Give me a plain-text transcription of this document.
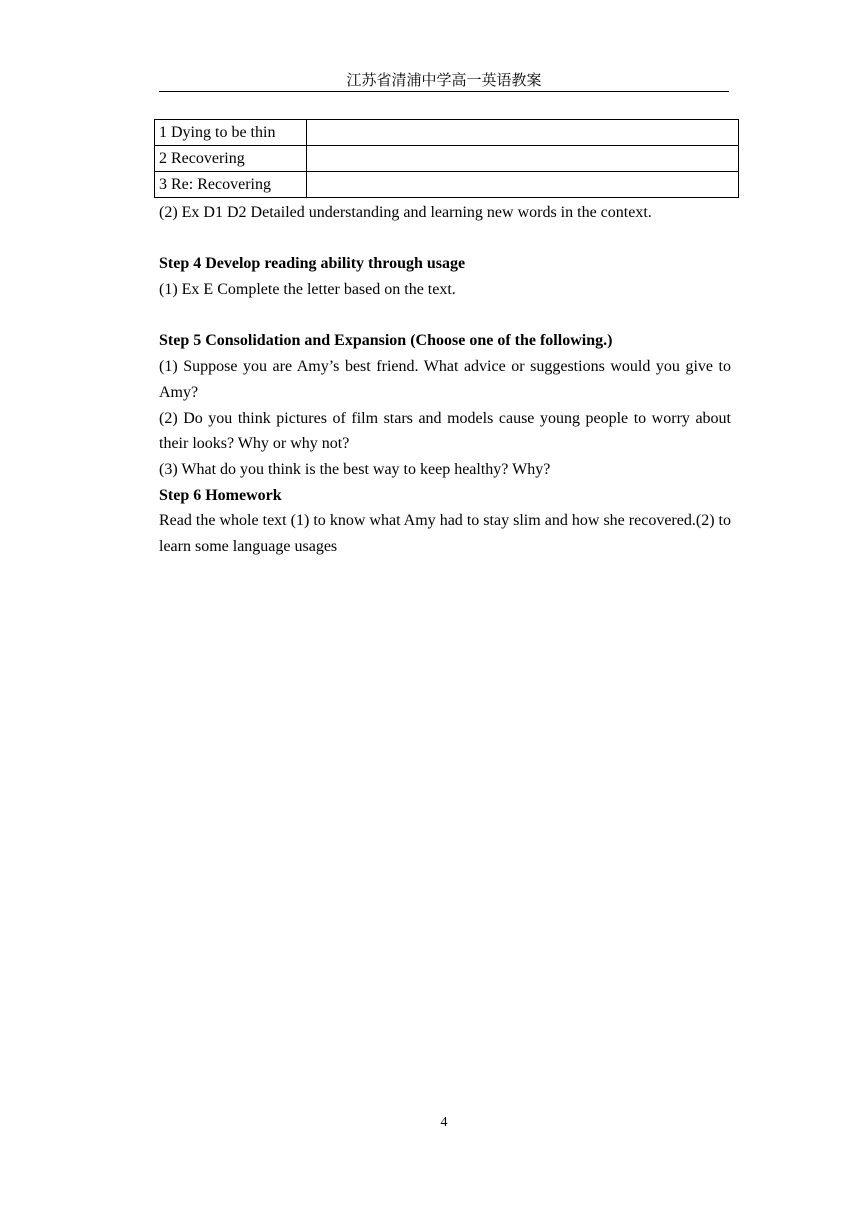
江苏省清浦中学高一英语教案
1 Dying to be thin	
2 Recovering	
3 Re: Recovering	

(2) Ex D1 D2 Detailed understanding and learning new words in the context.

Step 4 Develop reading ability through usage

(1) Ex E Complete the letter based on the text.

Step 5 Consolidation and Expansion (Choose one of the following.)

(1) Suppose you are Amy’s best friend. What advice or suggestions would you give to Amy?

(2) Do you think pictures of film stars and models cause young people to worry about their looks? Why or why not?

(3) What do you think is the best way to keep healthy? Why?

Step 6 Homework

Read the whole text (1) to know what Amy had to stay slim and how she recovered.(2) to learn some language usages

4
